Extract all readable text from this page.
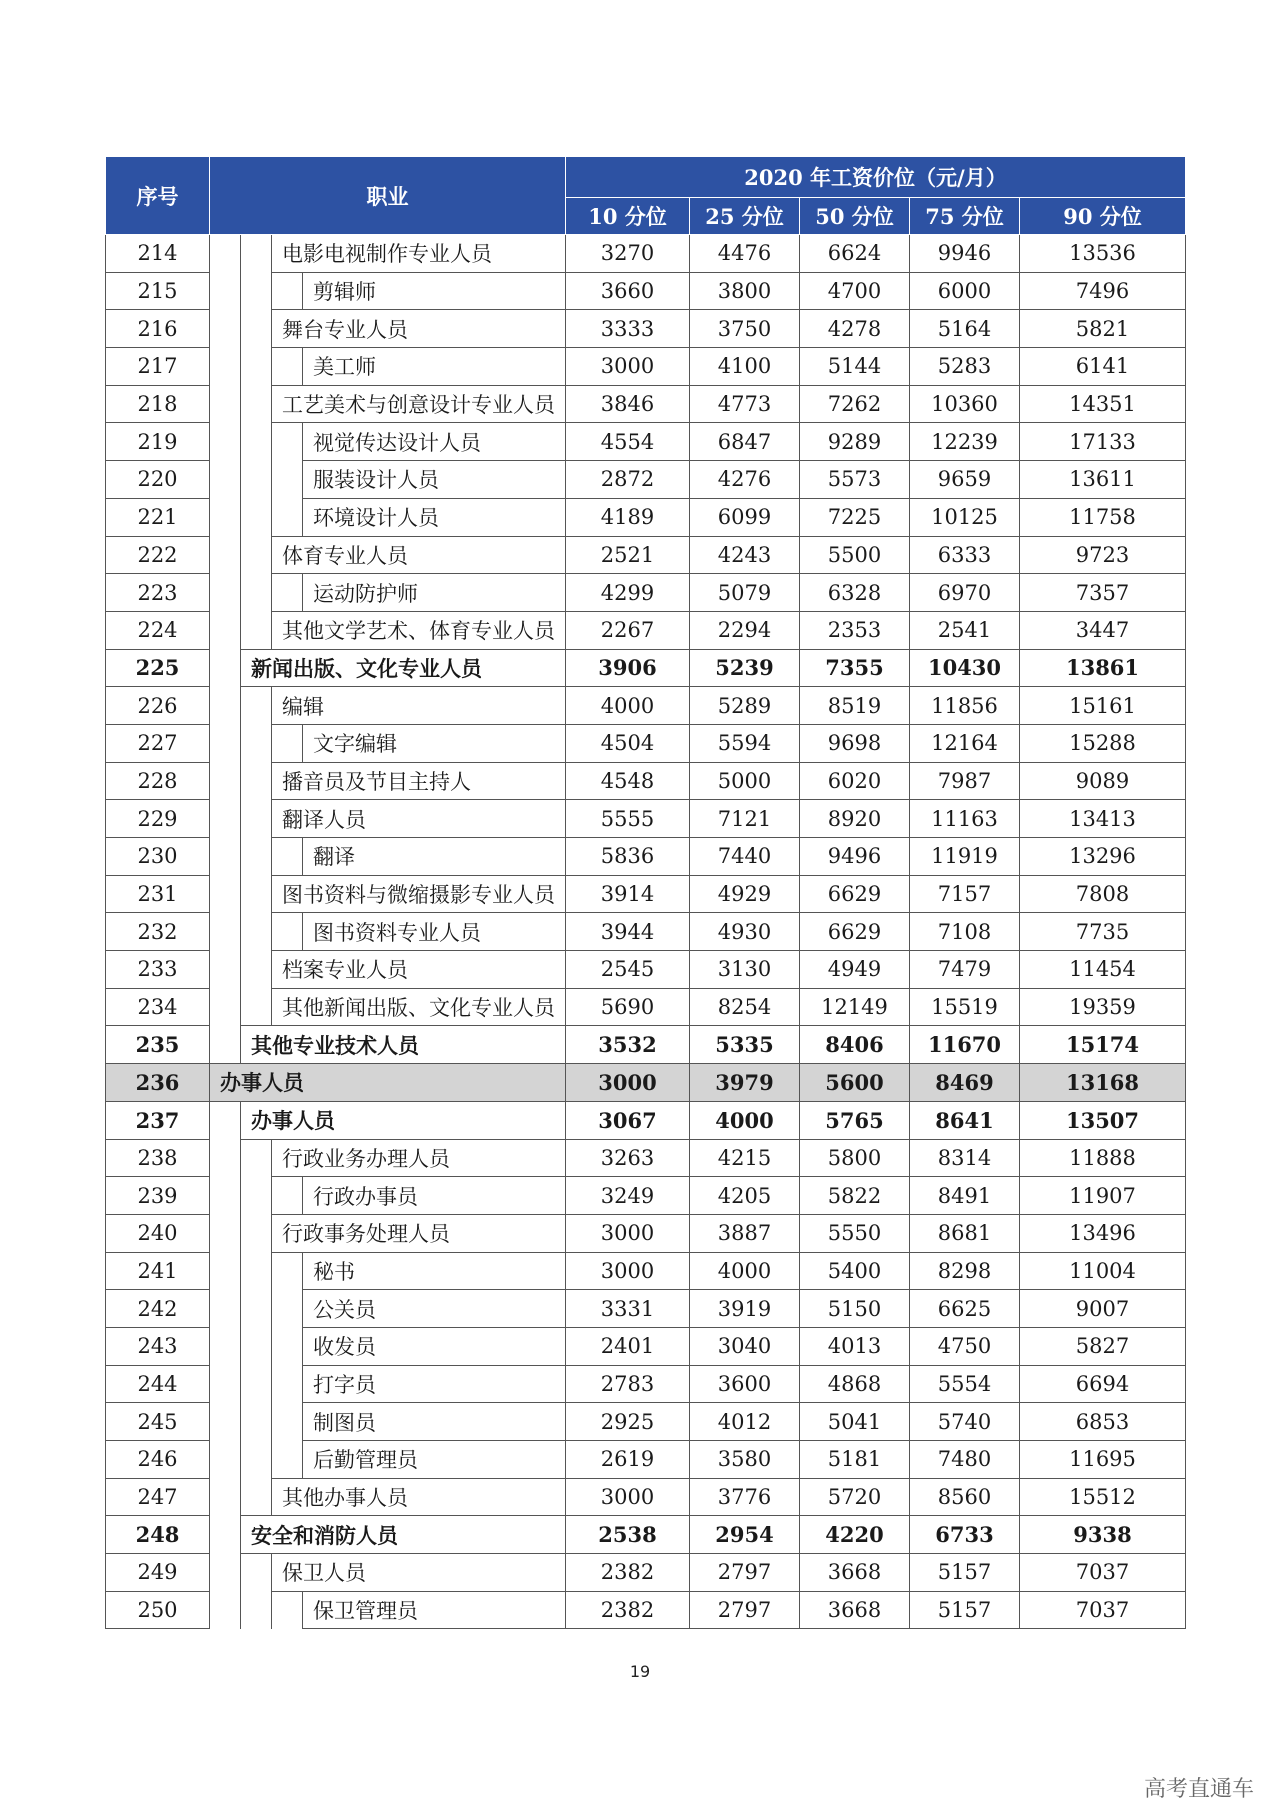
序号	职业				2020 年工资价位（元/月）				
					10 分位	25 分位	50 分位	75 分位	90 分位
214			电影电视制作专业人员		3270	4476	6624	9946	13536
215				剪辑师	3660	3800	4700	6000	7496
216			舞台专业人员		3333	3750	4278	5164	5821
217				美工师	3000	4100	5144	5283	6141
218			工艺美术与创意设计专业人员		3846	4773	7262	10360	14351
219				视觉传达设计人员	4554	6847	9289	12239	17133
220				服装设计人员	2872	4276	5573	9659	13611
221				环境设计人员	4189	6099	7225	10125	11758
222			体育专业人员		2521	4243	5500	6333	9723
223				运动防护师	4299	5079	6328	6970	7357
224			其他文学艺术、体育专业人员		2267	2294	2353	2541	3447
225		新闻出版、文化专业人员			3906	5239	7355	10430	13861
226			编辑		4000	5289	8519	11856	15161
227				文字编辑	4504	5594	9698	12164	15288
228			播音员及节目主持人		4548	5000	6020	7987	9089
229			翻译人员		5555	7121	8920	11163	13413
230				翻译	5836	7440	9496	11919	13296
231			图书资料与微缩摄影专业人员		3914	4929	6629	7157	7808
232				图书资料专业人员	3944	4930	6629	7108	7735
233			档案专业人员		2545	3130	4949	7479	11454
234			其他新闻出版、文化专业人员		5690	8254	12149	15519	19359
235		其他专业技术人员			3532	5335	8406	11670	15174
236	办事人员				3000	3979	5600	8469	13168
237		办事人员			3067	4000	5765	8641	13507
238			行政业务办理人员		3263	4215	5800	8314	11888
239				行政办事员	3249	4205	5822	8491	11907
240			行政事务处理人员		3000	3887	5550	8681	13496
241				秘书	3000	4000	5400	8298	11004
242				公关员	3331	3919	5150	6625	9007
243				收发员	2401	3040	4013	4750	5827
244				打字员	2783	3600	4868	5554	6694
245				制图员	2925	4012	5041	5740	6853
246				后勤管理员	2619	3580	5181	7480	11695
247			其他办事人员		3000	3776	5720	8560	15512
248		安全和消防人员			2538	2954	4220	6733	9338
249			保卫人员		2382	2797	3668	5157	7037
250				保卫管理员	2382	2797	3668	5157	7037
19
高考直通车
